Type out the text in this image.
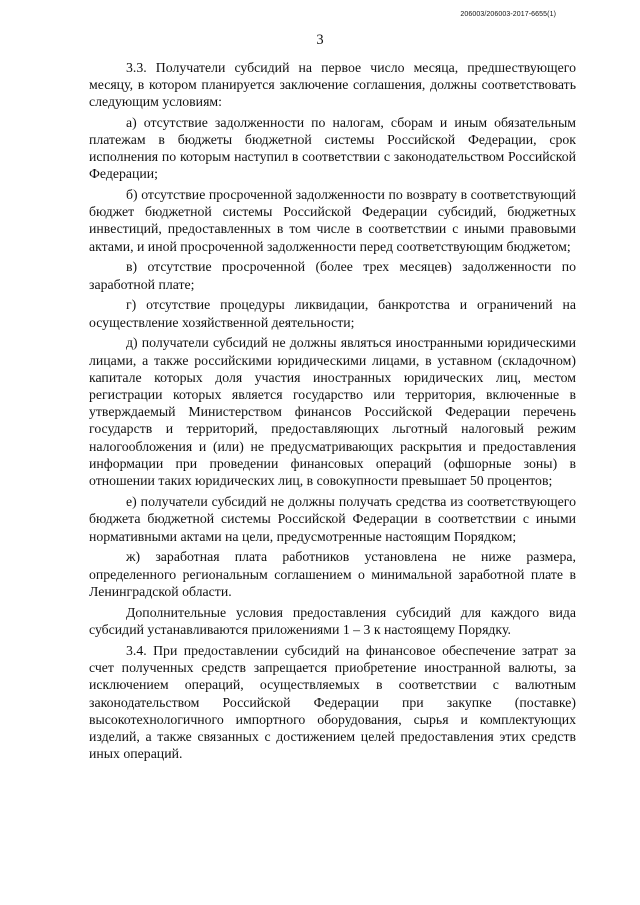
206003/206003-2017-6655(1)
3

3.3. Получатели субсидий на первое число месяца, предшествующего месяцу, в котором планируется заключение соглашения, должны соответствовать следующим условиям:

а) отсутствие задолженности по налогам, сборам и иным обязательным платежам в бюджеты бюджетной системы Российской Федерации, срок исполнения по которым наступил в соответствии с законодательством Российской Федерации;

б) отсутствие просроченной задолженности по возврату в соответствующий бюджет бюджетной системы Российской Федерации субсидий, бюджетных инвестиций, предоставленных в том числе в соответствии с иными правовыми актами, и иной просроченной задолженности перед соответствующим бюджетом;

в) отсутствие просроченной (более трех месяцев) задолженности по заработной плате;

г) отсутствие процедуры ликвидации, банкротства и ограничений на осуществление хозяйственной деятельности;

д) получатели субсидий не должны являться иностранными юридическими лицами, а также российскими юридическими лицами, в уставном (складочном) капитале которых доля участия иностранных юридических лиц, местом регистрации которых является государство или территория, включенные в утверждаемый Министерством финансов Российской Федерации перечень государств и территорий, предоставляющих льготный налоговый режим налогообложения и (или) не предусматривающих раскрытия и предоставления информации при проведении финансовых операций (офшорные зоны) в отношении таких юридических лиц, в совокупности превышает 50 процентов;

е) получатели субсидий не должны получать средства из соответствующего бюджета бюджетной системы Российской Федерации в соответствии с иными нормативными актами на цели, предусмотренные настоящим Порядком;

ж) заработная плата работников установлена не ниже размера, определенного региональным соглашением о минимальной заработной плате в Ленинградской области.

Дополнительные условия предоставления субсидий для каждого вида субсидий устанавливаются приложениями 1 – 3 к настоящему Порядку.

3.4. При предоставлении субсидий на финансовое обеспечение затрат за счет полученных средств запрещается приобретение иностранной валюты, за исключением операций, осуществляемых в соответствии с валютным законодательством Российской Федерации при закупке (поставке) высокотехнологичного импортного оборудования, сырья и комплектующих изделий, а также связанных с достижением целей предоставления этих средств иных операций.
